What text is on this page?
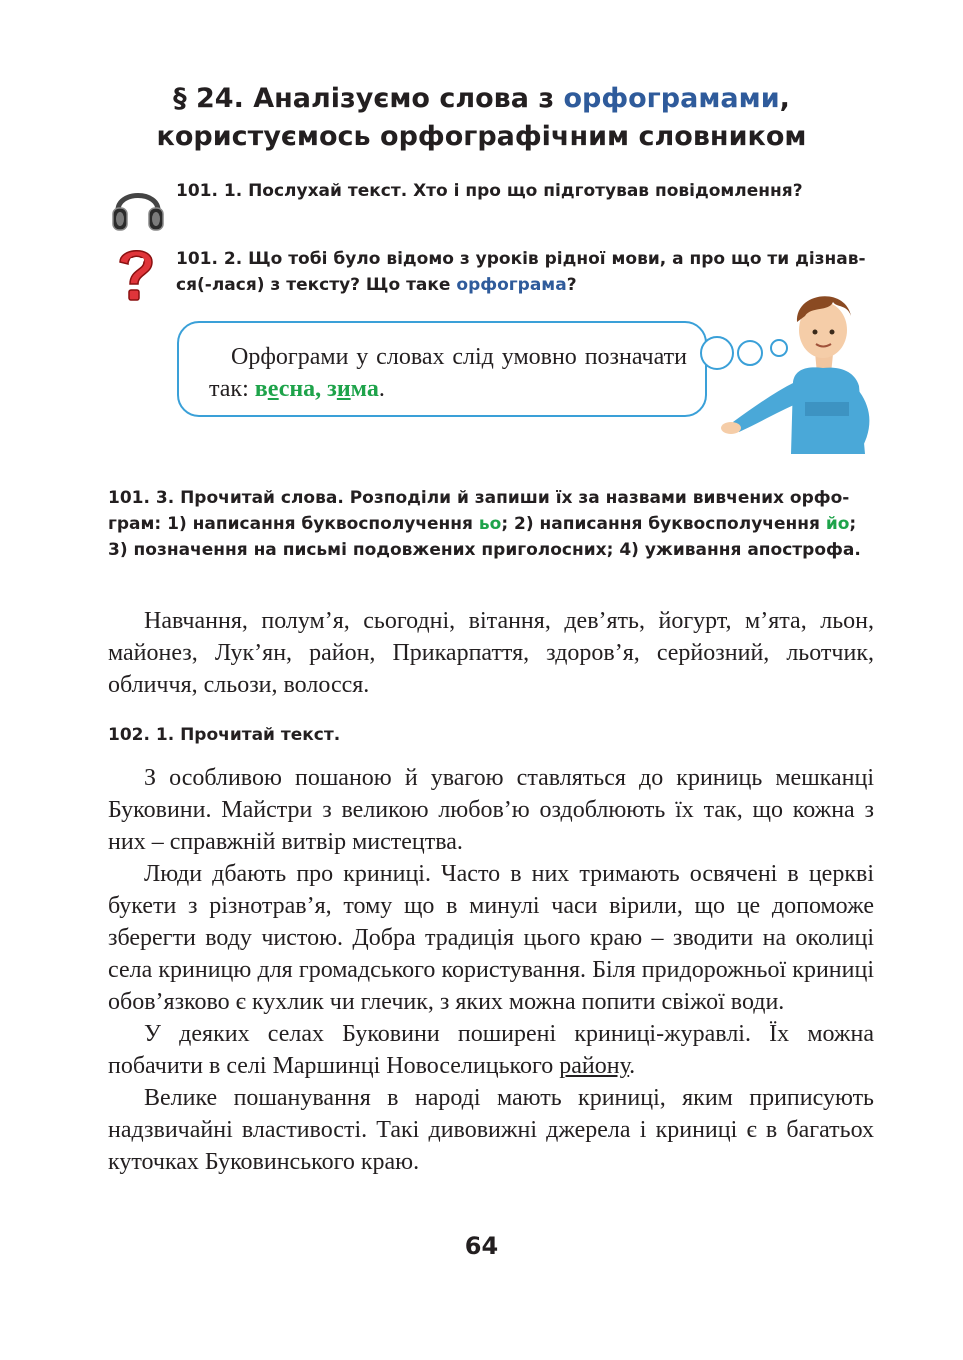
§ 24. Аналізуємо слова з орфограмами,
користуємось орфографічним словником
101. 1. Послухай текст. Хто і про що підготував повідомлення?
101. 2. Що тобі було відомо з уроків рідної мови, а про що ти дізнався(-лася) з тексту? Що таке орфограма?
Орфограми у словах слід умовно позначати так: весна, зима.
101. 3. Прочитай слова. Розподіли й запиши їх за назвами вивчених орфограм: 1) написання буквосполучення ьо; 2) написання буквосполучення йо; 3) позначення на письмі подовжених приголосних; 4) уживання апострофа.
Навчання, полум’я, сьогодні, вітання, дев’ять, йогурт, м’ята, льон, майонез, Лук’ян, район, Прикарпаття, здоров’я, серйозний, льотчик, обличчя, сльози, волосся.
102. 1. Прочитай текст.

З особливою пошаною й увагою ставляться до криниць мешканці Буковини. Майстри з великою любов’ю оздоблюють їх так, що кожна з них – справжній витвір мистецтва.

Люди дбають про криниці. Часто в них тримають освячені в церкві букети з різнотрав’я, тому що в минулі часи вірили, що це допоможе зберегти воду чистою. Добра традиція цього краю – зводити на околиці села криницю для громадського користування. Біля придорожньої криниці обов’язково є кухлик чи глечик, з яких можна попити свіжої води.

У деяких селах Буковини поширені криниці-журавлі. Їх можна побачити в селі Маршинці Новоселицького району.

Велике пошанування в народі мають криниці, яким приписують надзвичайні властивості. Такі дивовижні джерела і криниці є в багатьох куточках Буковинського краю.

64
